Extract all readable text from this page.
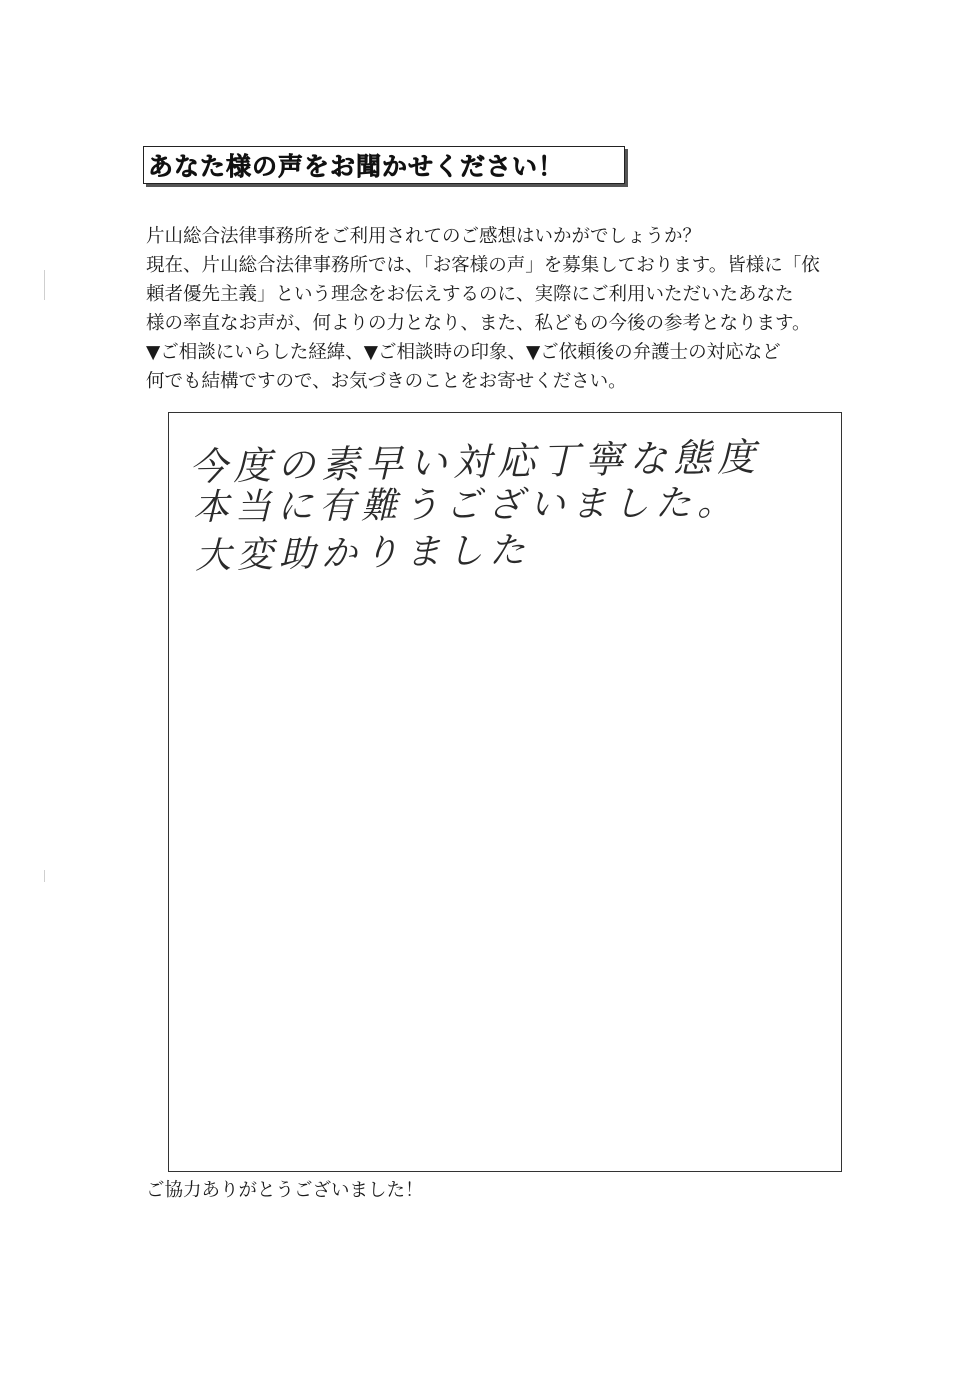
あなた様の声をお聞かせください！
片山総合法律事務所をご利用されてのご感想はいかがでしょうか？
現在、片山総合法律事務所では、「お客様の声」を募集しております。皆様に「依
頼者優先主義」という理念をお伝えするのに、実際にご利用いただいたあなた
様の率直なお声が、何よりの力となり、また、私どもの今後の参考となります。
▼ご相談にいらした経緯、▼ご相談時の印象、▼ご依頼後の弁護士の対応など
何でも結構ですので、お気づきのことをお寄せください。
今度の素早い対応丁寧な態度
本当に有難うございました。
大変助かりました
ご協力ありがとうございました！
